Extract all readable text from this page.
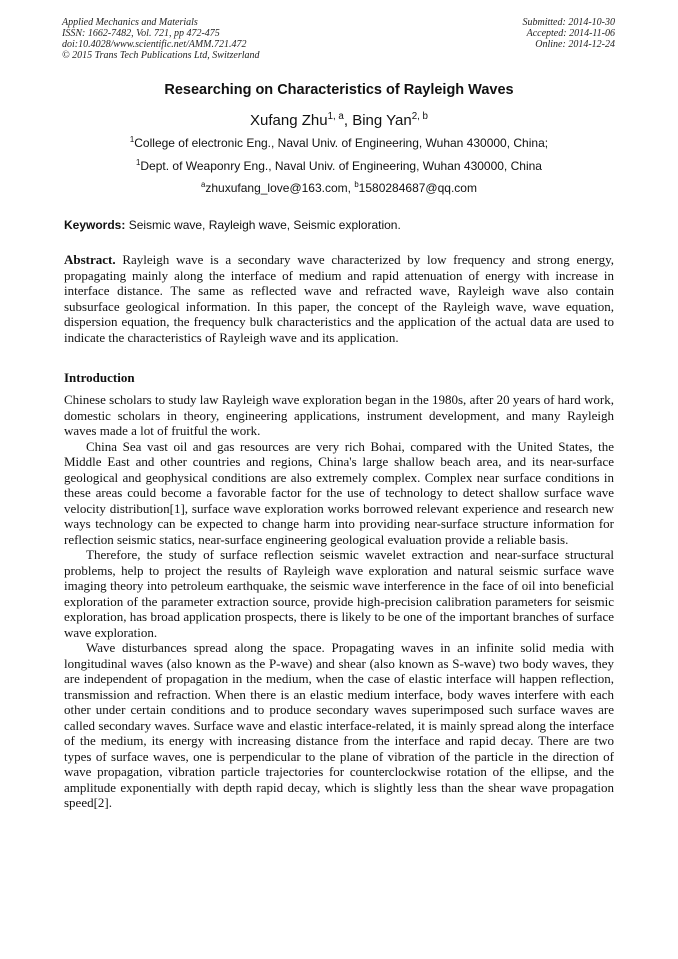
Applied Mechanics and Materials
ISSN: 1662-7482, Vol. 721, pp 472-475
doi:10.4028/www.scientific.net/AMM.721.472
© 2015 Trans Tech Publications Ltd, Switzerland
Submitted: 2014-10-30
Accepted: 2014-11-06
Online: 2014-12-24
Researching on Characteristics of Rayleigh Waves
Xufang Zhu$^{1, a}$, Bing Yan$^{2, b}$
$^1$College of electronic Eng., Naval Univ. of Engineering, Wuhan 430000, China;
$^1$Dept. of Weaponry Eng., Naval Univ. of Engineering, Wuhan 430000, China
$^a$zhuxufang_love@163.com, $^b$1580284687@qq.com
Keywords: Seismic wave, Rayleigh wave, Seismic exploration.
Abstract. Rayleigh wave is a secondary wave characterized by low frequency and strong energy, propagating mainly along the interface of medium and rapid attenuation of energy with increase in interface distance. The same as reflected wave and refracted wave, Rayleigh wave also contain subsurface geological information. In this paper, the concept of the Rayleigh wave, wave equation, dispersion equation, the frequency bulk characteristics and the application of the actual data are used to indicate the characteristics of Rayleigh wave and its application.
Introduction

Chinese scholars to study law Rayleigh wave exploration began in the 1980s, after 20 years of hard work, domestic scholars in theory, engineering applications, instrument development, and many Rayleigh waves made a lot of fruitful the work.

China Sea vast oil and gas resources are very rich Bohai, compared with the United States, the Middle East and other countries and regions, China's large shallow beach area, and its near-surface geological and geophysical conditions are also extremely complex. Complex near surface conditions in these areas could become a favorable factor for the use of technology to detect shallow surface wave velocity distribution[1], surface wave exploration works borrowed relevant experience and research new ways technology can be expected to change harm into providing near-surface structure information for reflection seismic statics, near-surface engineering geological evaluation provide a reliable basis.

Therefore, the study of surface reflection seismic wavelet extraction and near-surface structural problems, help to project the results of Rayleigh wave exploration and natural seismic surface wave imaging theory into petroleum earthquake, the seismic wave interference in the face of oil into beneficial exploration of the parameter extraction source, provide high-precision calibration parameters for seismic exploration, has broad application prospects, there is likely to be one of the important branches of surface wave exploration.

Wave disturbances spread along the space. Propagating waves in an infinite solid media with longitudinal waves (also known as the P-wave) and shear (also known as S-wave) two body waves, they are independent of propagation in the medium, when the case of elastic interface will happen reflection, transmission and refraction. When there is an elastic medium interface, body waves interfere with each other under certain conditions and to produce secondary waves superimposed such surface waves are called secondary waves. Surface wave and elastic interface-related, it is mainly spread along the interface of the medium, its energy with increasing distance from the interface and rapid decay. There are two types of surface waves, one is perpendicular to the plane of vibration of the particle in the direction of wave propagation, vibration particle trajectories for counterclockwise rotation of the ellipse, and the amplitude exponentially with depth rapid decay, which is slightly less than the shear wave propagation speed[2].
